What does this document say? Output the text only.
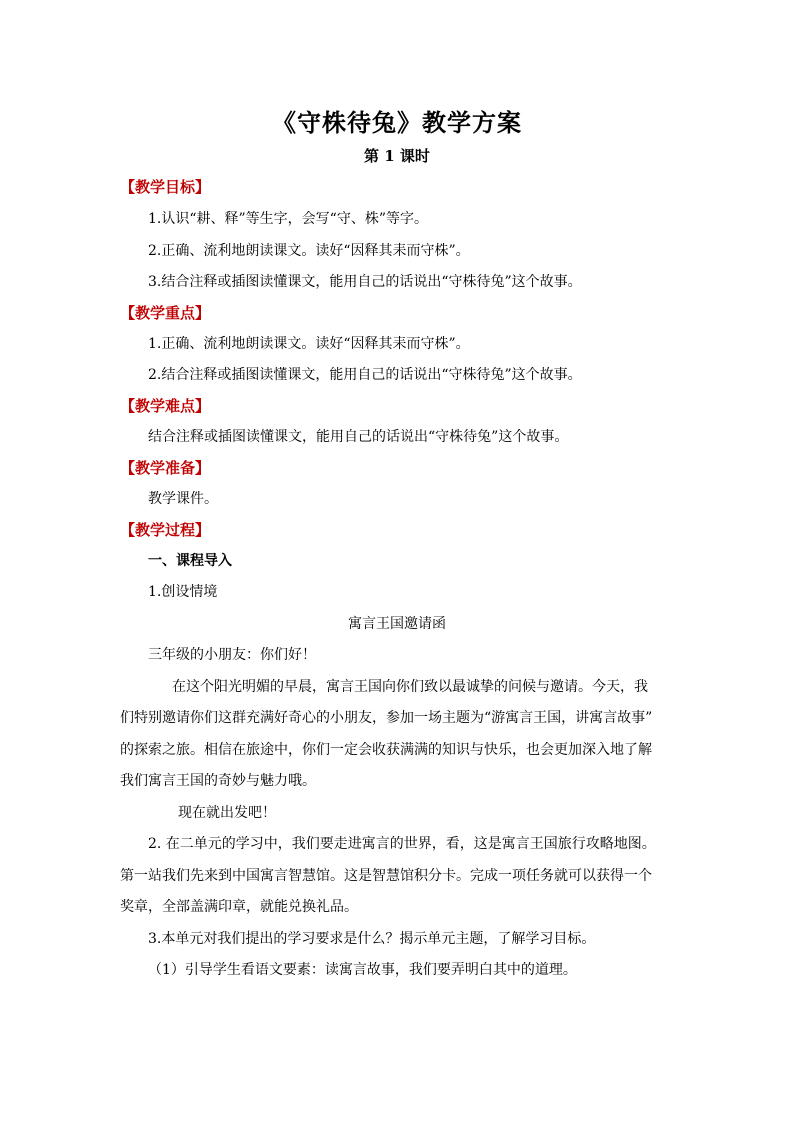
《守株待兔》教学方案
第 1 课时
【教学目标】
1.认识“耕、释”等生字，会写“守、株”等字。
2.正确、流利地朗读课文。读好“因释其耒而守株”。
3.结合注释或插图读懂课文，能用自己的话说出“守株待兔”这个故事。
【教学重点】
1.正确、流利地朗读课文。读好“因释其耒而守株”。
2.结合注释或插图读懂课文，能用自己的话说出“守株待兔”这个故事。
【教学难点】
结合注释或插图读懂课文，能用自己的话说出“守株待兔”这个故事。
【教学准备】
教学课件。
【教学过程】
一、课程导入
1.创设情境
寓言王国邀请函
三年级的小朋友：你们好！
在这个阳光明媚的早晨，寓言王国向你们致以最诚挚的问候与邀请。今天，我
们特别邀请你们这群充满好奇心的小朋友，参加一场主题为“游寓言王国，讲寓言故事”
的探索之旅。相信在旅途中，你们一定会收获满满的知识与快乐，也会更加深入地了解
我们寓言王国的奇妙与魅力哦。
现在就出发吧！
2. 在二单元的学习中，我们要走进寓言的世界，看，这是寓言王国旅行攻略地图。
第一站我们先来到中国寓言智慧馆。这是智慧馆积分卡。完成一项任务就可以获得一个
奖章，全部盖满印章，就能兑换礼品。
3.本单元对我们提出的学习要求是什么？揭示单元主题，了解学习目标。
（1）引导学生看语文要素：读寓言故事，我们要弄明白其中的道理。
